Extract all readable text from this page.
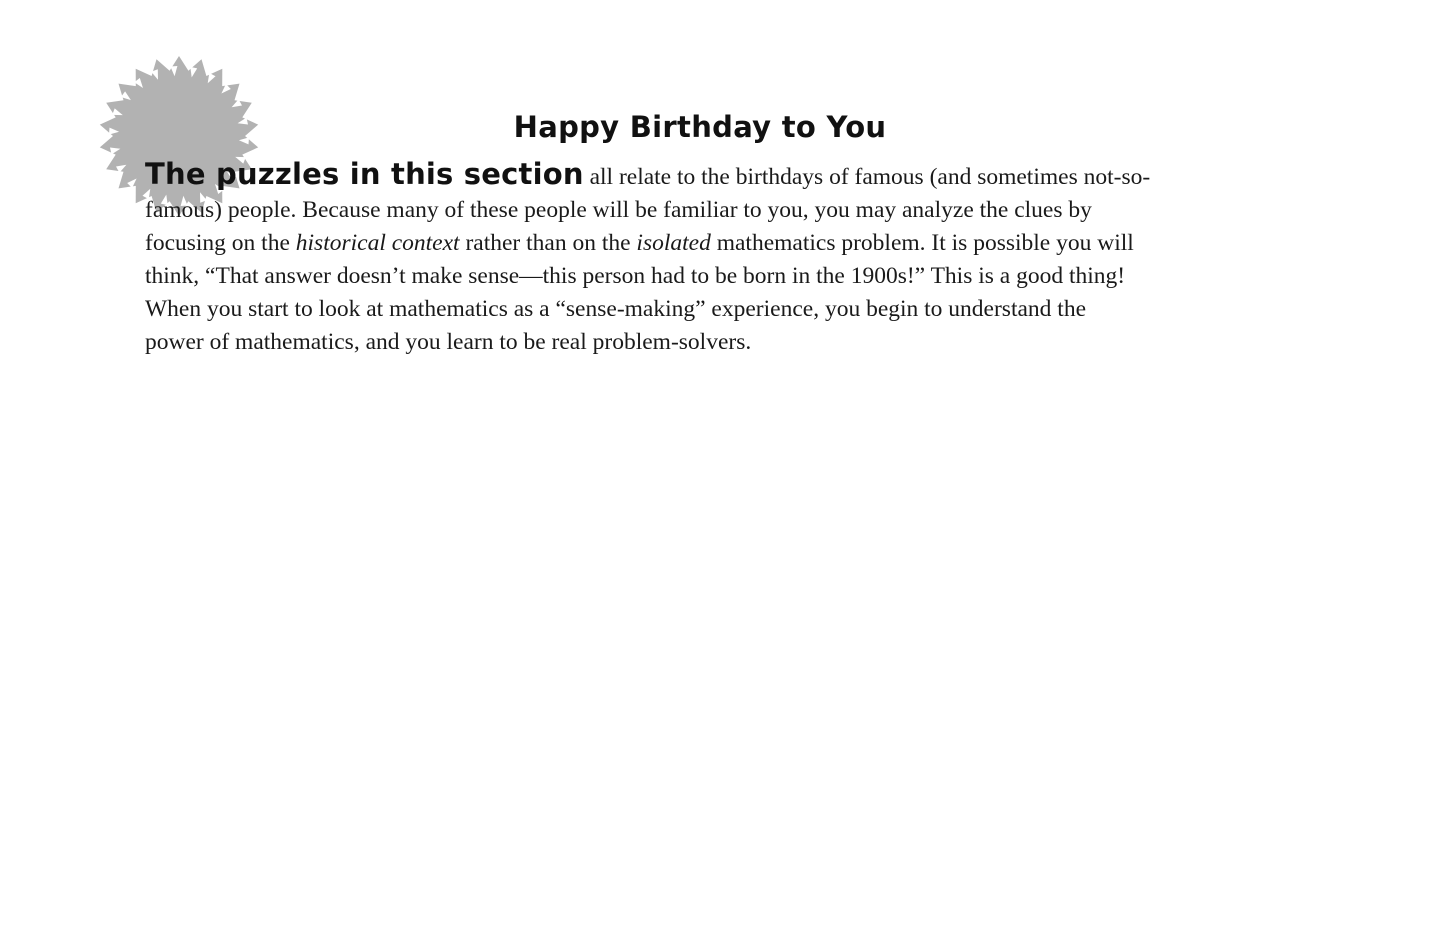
Happy Birthday to You
The puzzles in this section all relate to the birthdays of famous (and sometimes not-so-
famous) people. Because many of these people will be familiar to you, you may analyze the clues by
focusing on the historical context rather than on the isolated mathematics problem. It is possible you will
think, “That answer doesn’t make sense—this person had to be born in the 1900s!” This is a good thing!
When you start to look at mathematics as a “sense-making” experience, you begin to understand the
power of mathematics, and you learn to be real problem-solvers.
